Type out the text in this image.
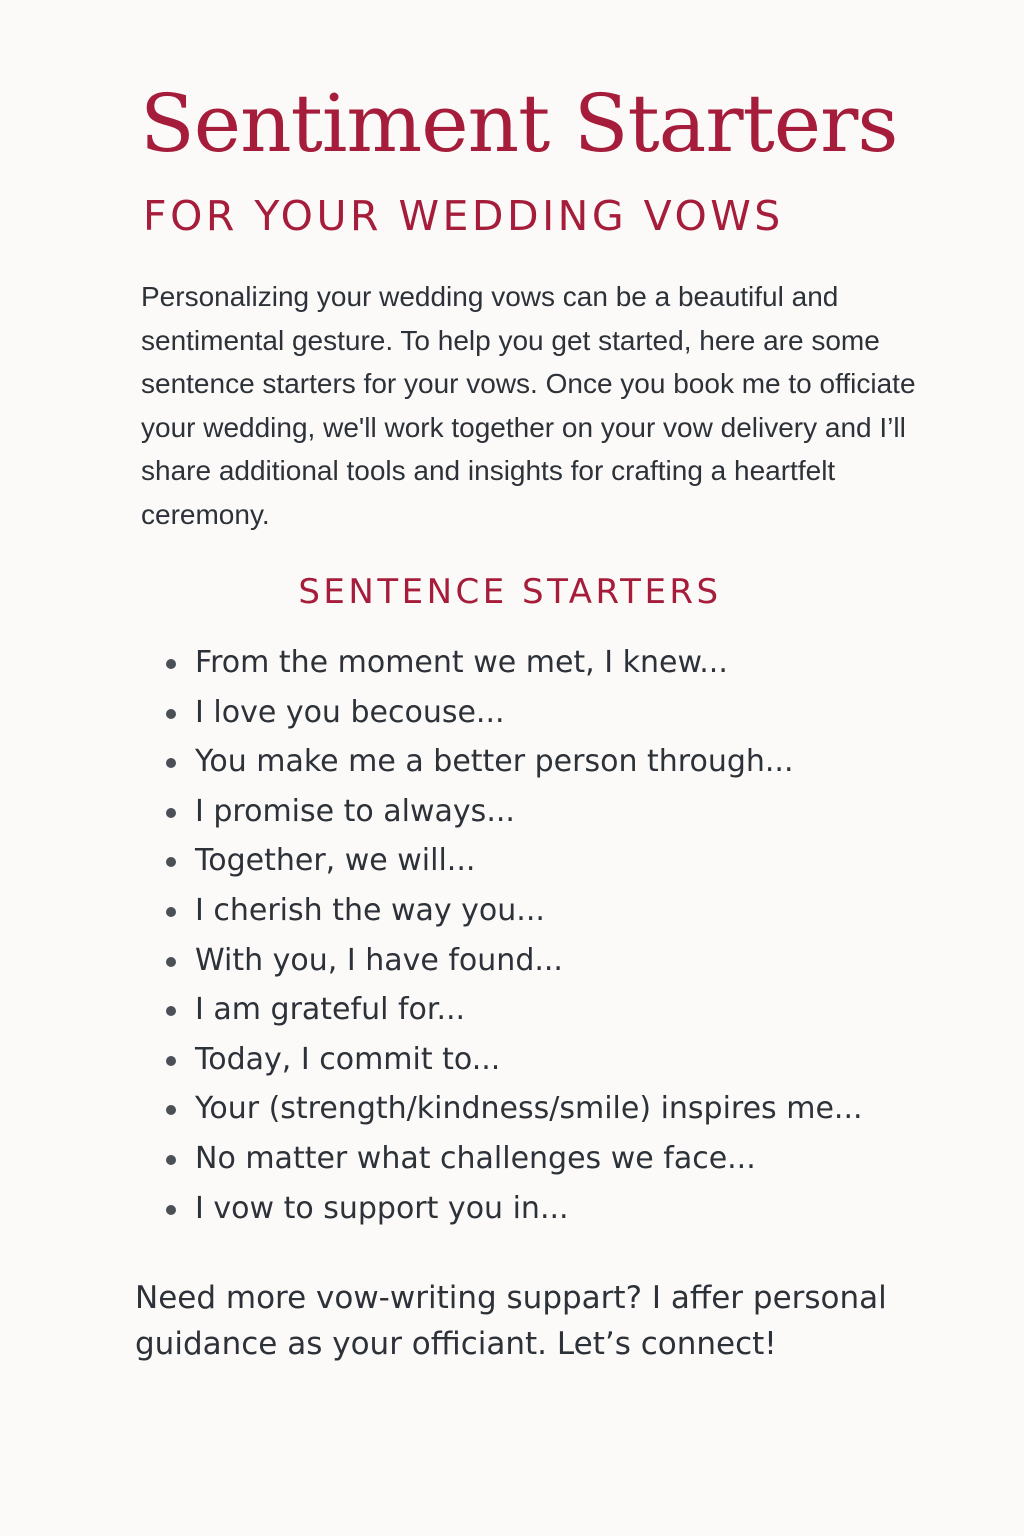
Sentiment Starters
FOR YOUR WEDDING VOWS

Personalizing your wedding vows can be a beautiful and sentimental gesture. To help you get started, here are some sentence starters for your vows. Once you book me to officiate your wedding, we'll work together on your vow delivery and I’ll share additional tools and insights for crafting a heartfelt ceremony.

SENTENCE STARTERS
From the moment we met, I knew...
I love you becouse...
You make me a better person through...
I promise to always...
Together, we will...
I cherish the way you...
With you, I have found...
I am grateful for...
Today, I commit to...
Your (strength/kindness/smile) inspires me...
No matter what challenges we face...
I vow to support you in...

Need more vow-writing suppart? I affer personal guidance as your officiant. Let’s connect!
